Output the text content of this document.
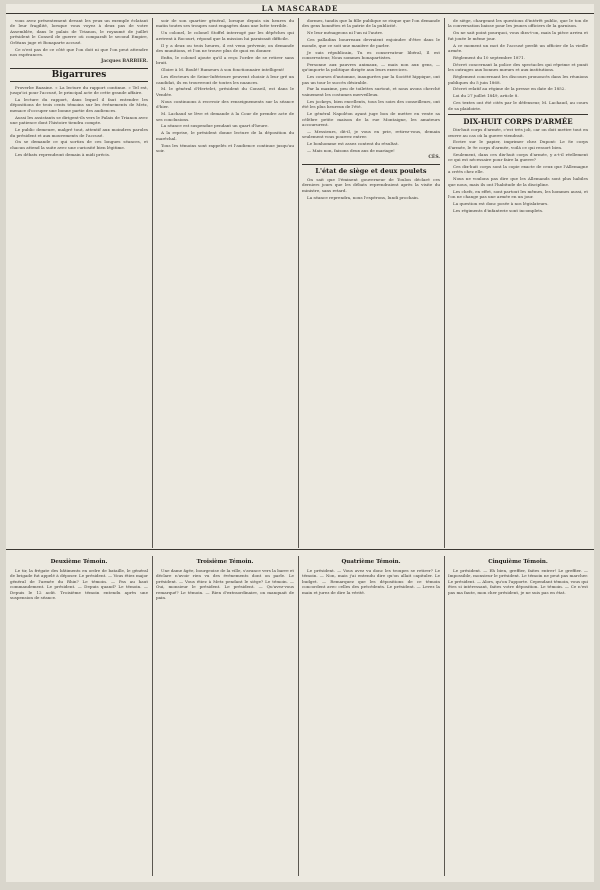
LA MASCARADE

vous avez présentement devant les yeux un exemple éclatant de leur fragilité, lorsque vous voyez à deux pas de votre Assemblée, dans le palais de Trianon, le royaumé de juillet président le Conseil de guerre où comparaît le second Empire, Orléans juge et Bonaparte accusé.

Ce n'est pas de ce côté que l'on doit ni que l'on peut attendre nos espérances.

Jacques BARBIER.
Bigarrures

Proverbe Bazaine. « La lecture du rapport continue. » Tel est, jusqu'ici pour l'accusé, le principal acte de cette grande affaire.

La lecture du rapport, dans lequel il faut entendre les dépositions de trois cents témoins sur les événements de Metz, menace d'occuper une bonne partie des audiences.

Aussi les assistants se dirigent-ils vers le Palais de Trianon avec une patience dont l'histoire tiendra compte.

Le public demeure, malgré tout, attentif aux moindres paroles du président et aux mouvements de l'accusé.

On se demande ce qui sortira de ces longues séances, et chacun attend la suite avec une curiosité bien légitime.

Les débats reprendront demain à midi précis.

soir de son quartier général, lorsque depuis six heures du matin toutes ses troupes sont engagées dans une lutte terrible.

Un colonel, le colonel Stoffel interrogé par les dépêches qui arrivent à Rocourt, répond que la mission lui paraissait difficile.

Il y a deux ou trois heures, il est venu prévenir, on demande des munitions, et l'on ne trouve plus de quoi en donner.

Enfin, le colonel ajoute qu'il a reçu l'ordre de se retirer sans bruit.

Gloire à M. Boulé! Rumeurs à son fonctionnaire intelligent!

Les électeurs de Seine-Inférieure peuvent choisir à leur gré un candidat, ils en trouveront de toutes les nuances.

M. le général d'Hertelet, président du Conseil, est dans le Vendée.

Nous continuons à recevoir des renseignements sur la séance d'hier.

M. Lachaud se lève et demande à la Cour de prendre acte de ses conclusions.

La séance est suspendue pendant un quart d'heure.

A la reprise, le président donne lecture de la déposition du maréchal.

Tous les témoins sont rappelés et l'audience continue jusqu'au soir.

dormes, tandis que la fille publique se risque que l'on demande des gens honnêtes et la patrie de la publicité.

Ne leur ménageons ni l'un ni l'autre.

Ces palladins bourreaux devraient enjoindre d'être dans le monde, que ce soit une manière de parler.

Je suis républicain, Tu es conservateur libéral, Il est conservateur, Nous sommes bonapartistes.

Personne aux pauvres animaux, — mais non aux gens, — qu'importe la politique dirigée aux leurs exercices.

Les courses d'automne, inaugurées par la Société hippique, ont pas un tour le succès désirable.

Par la maxime, peu de toilettes surtout, et nous avons cherché vainement les costumes merveilleux.

Les jockeys, bien excellents, tous les soirs des conseilleurs, ont été les plus heureux de l'été.

Le général Napoléon ayant juge bon de mettre en vente sa célèbre petite maison de la rue Montaigne, les amateurs accoururent.

— Messieurs, dit-il, je vous en prie, retirez-vous, demain seulement vous pourrez entrer.

Le bonhomme est assez content du résultat.

— Mais non, faisons deux ans de mariage!

CÉS.
L'état de siège et deux poulets

On sait que l'éminent gouverneur de Toulon déclaré ces derniers jours que les débats reprendraient après la visite du ministre, sans retard.

La séance reprendra, nous l'espérons, lundi prochain.

de siège, chargeant les questions d'intérêt public, que le ton de la conversation baisse pour les jeunes officiers de la garnison.

On ne sait point pourquoi, vous dira-t-on, mais la pièce arriva et fut jouée le même jour.

A ce moment un mot de l'accusé perdit un officier de la vieille armée.

Règlement du 10 septembre 1871.

Décret concernant la police des spectacles qui réprime et punit les outrages aux bonnes mœurs et aux institutions.

Règlement concernant les discours prononcés dans les réunions publiques du 5 juin 1868.

Décret relatif au régime de la presse en date de 1852.

Loi du 27 juillet 1849, article 8.

Ces textes ont été cités par le défenseur, M. Lachaud, au cours de sa plaidoirie.

DIX-HUIT CORPS D'ARMÉE

Dix-huit corps d'armée, c'est très joli, car on doit mettre tout en œuvre au cas où la guerre viendrait.

Ecrire sur le papier, imprimer chez Dupont: Le 8e corps d'armée, le 9e corps d'armée, voilà ce qui ressort bien.

Seulement, dans ces dix-huit corps d'armée, y a-t-il réellement ce qui est nécessaire pour faire la guerre?

Ces dix-huit corps sont la copie exacte de ceux que l'Allemagne a créés chez elle.

Nous ne voulons pas dire que les Allemands sont plus habiles que nous, mais ils ont l'habitude de la discipline.

Les chefs, en effet, sont partout les mêmes, les hommes aussi, et l'on ne change pas une armée en un jour.

La question est donc posée à nos législateurs.

Les régiments d'infanterie sont incomplets.

Deuxième Témoin.

Le tir, la frégate des bâtiments en ordre de bataille, le général de brigade fut appelé à déposer. Le président. — Vous étiez major général de l'armée du Rhin? Le témoin. — Pas au haut commandement. Le président. — Depuis quand? Le témoin. — Depuis le 12 août. Troisième témoin entendu après une suspension de séance.

Troisième Témoin.

Une dame âgée, bourgeoise de la ville, s'avance vers la barre et déclare n'avoir rien vu des événements dont on parle. Le président. — Vous étiez à Metz pendant le siège? Le témoin. — Oui, monsieur le président. Le président. — Qu'avez-vous remarqué? Le témoin. — Rien d'extraordinaire, on manquait de pain.

Quatrième Témoin.

Le président. — Vous avez vu donc les troupes se retirer? Le témoin. — Non, mais j'ai entendu dire qu'on allait capituler. Le budget. — Remarquez que les dépositions de ce témoin concordent avec celles des précédents. Le président. — Levez la main et jurez de dire la vérité.

Cinquième Témoin.

Le président. — Eh bien, greffier, faites entrer! Le greffier. — Impossible, monsieur le président. Le témoin ne peut pas marcher. Le président. — Alors, qu'on l'apporte. Cependant témoin, vous qui êtes si intéressant, faites votre déposition. Le témoin. — Ce n'est pas ma faute, mon cher président, je ne suis pas en état.
